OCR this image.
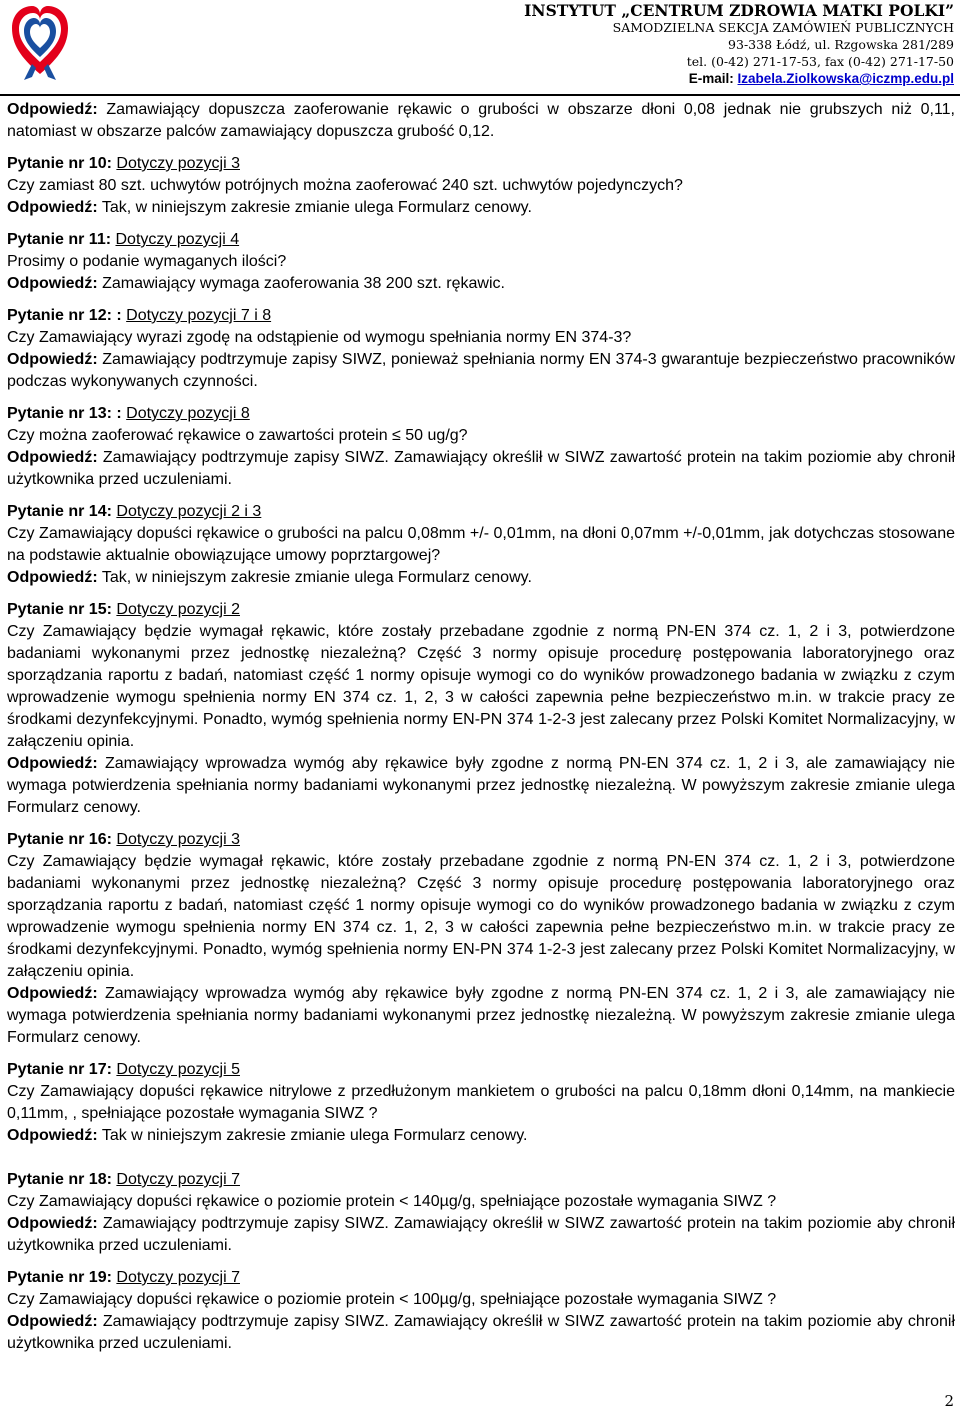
INSTYTUT „CENTRUM ZDROWIA MATKI POLKI”
SAMODZIELNA SEKCJA ZAMÓWIEŃ PUBLICZNYCH
93-338 Łódź, ul. Rzgowska 281/289
tel. (0-42) 271-17-53, fax (0-42) 271-17-50
E-mail: Izabela.Ziolkowska@iczmp.edu.pl

Odpowiedź: Zamawiający dopuszcza zaoferowanie rękawic o grubości w obszarze dłoni 0,08 jednak nie grubszych niż 0,11, natomiast w obszarze palców zamawiający dopuszcza grubość 0,12.

Pytanie nr 10: Dotyczy pozycji 3

Czy zamiast 80 szt. uchwytów potrójnych można zaoferować 240 szt. uchwytów pojedynczych?

Odpowiedź: Tak, w niniejszym zakresie zmianie ulega Formularz cenowy.

Pytanie nr 11: Dotyczy pozycji 4

Prosimy o podanie wymaganych ilości?

Odpowiedź: Zamawiający wymaga zaoferowania 38 200 szt. rękawic.

Pytanie nr 12: : Dotyczy pozycji 7 i 8

Czy Zamawiający wyrazi zgodę na odstąpienie od wymogu spełniania normy EN 374-3?

Odpowiedź: Zamawiający podtrzymuje zapisy SIWZ, ponieważ spełniania normy EN 374-3 gwarantuje bezpieczeństwo pracowników podczas wykonywanych czynności.

Pytanie nr 13: : Dotyczy pozycji 8

Czy można zaoferować rękawice o zawartości protein ≤ 50 ug/g?

Odpowiedź: Zamawiający podtrzymuje zapisy SIWZ. Zamawiający określił w SIWZ zawartość protein na takim poziomie aby chronił użytkownika przed uczuleniami.

Pytanie nr 14: Dotyczy pozycji 2 i 3

Czy Zamawiający dopuści rękawice o grubości na palcu 0,08mm +/- 0,01mm, na dłoni 0,07mm +/-0,01mm, jak dotychczas stosowane na podstawie aktualnie obowiązujące umowy poprztargowej?

Odpowiedź: Tak, w niniejszym zakresie zmianie ulega Formularz cenowy.

Pytanie nr 15: Dotyczy pozycji 2

Czy Zamawiający będzie wymagał rękawic, które zostały przebadane zgodnie z normą PN-EN 374 cz. 1, 2 i 3, potwierdzone badaniami wykonanymi przez jednostkę niezależną? Część 3 normy opisuje procedurę postępowania laboratoryjnego oraz sporządzania raportu z badań, natomiast część 1 normy opisuje wymogi co do wyników prowadzonego badania w związku z czym wprowadzenie wymogu spełnienia normy EN 374 cz. 1, 2, 3 w całości zapewnia pełne bezpieczeństwo m.in. w trakcie pracy ze środkami dezynfekcyjnymi. Ponadto, wymóg spełnienia normy EN-PN 374 1-2-3 jest zalecany przez Polski Komitet Normalizacyjny, w załączeniu opinia.

Odpowiedź: Zamawiający wprowadza wymóg aby rękawice były zgodne z normą PN-EN 374 cz. 1, 2 i 3, ale zamawiający nie wymaga potwierdzenia spełniania normy badaniami wykonanymi przez jednostkę niezależną. W powyższym zakresie zmianie ulega Formularz cenowy.

Pytanie nr 16: Dotyczy pozycji 3

Czy Zamawiający będzie wymagał rękawic, które zostały przebadane zgodnie z normą PN-EN 374 cz. 1, 2 i 3, potwierdzone badaniami wykonanymi przez jednostkę niezależną? Część 3 normy opisuje procedurę postępowania laboratoryjnego oraz sporządzania raportu z badań, natomiast część 1 normy opisuje wymogi co do wyników prowadzonego badania w związku z czym wprowadzenie wymogu spełnienia normy EN 374 cz. 1, 2, 3 w całości zapewnia pełne bezpieczeństwo m.in. w trakcie pracy ze środkami dezynfekcyjnymi. Ponadto, wymóg spełnienia normy EN-PN 374 1-2-3 jest zalecany przez Polski Komitet Normalizacyjny, w załączeniu opinia.

Odpowiedź: Zamawiający wprowadza wymóg aby rękawice były zgodne z normą PN-EN 374 cz. 1, 2 i 3, ale zamawiający nie wymaga potwierdzenia spełniania normy badaniami wykonanymi przez jednostkę niezależną. W powyższym zakresie zmianie ulega Formularz cenowy.

Pytanie nr 17: Dotyczy pozycji 5

Czy Zamawiający dopuści rękawice nitrylowe z przedłużonym mankietem o grubości na palcu 0,18mm dłoni 0,14mm, na mankiecie 0,11mm, , spełniające pozostałe wymagania SIWZ ?

Odpowiedź: Tak w niniejszym zakresie zmianie ulega Formularz cenowy.

Pytanie nr 18: Dotyczy pozycji 7

Czy Zamawiający dopuści rękawice o poziomie protein < 140µg/g, spełniające pozostałe wymagania SIWZ ?

Odpowiedź: Zamawiający podtrzymuje zapisy SIWZ. Zamawiający określił w SIWZ zawartość protein na takim poziomie aby chronił użytkownika przed uczuleniami.

Pytanie nr 19: Dotyczy pozycji 7

Czy Zamawiający dopuści rękawice o poziomie protein < 100µg/g, spełniające pozostałe wymagania SIWZ ?

Odpowiedź: Zamawiający podtrzymuje zapisy SIWZ. Zamawiający określił w SIWZ zawartość protein na takim poziomie aby chronił użytkownika przed uczuleniami.

2
